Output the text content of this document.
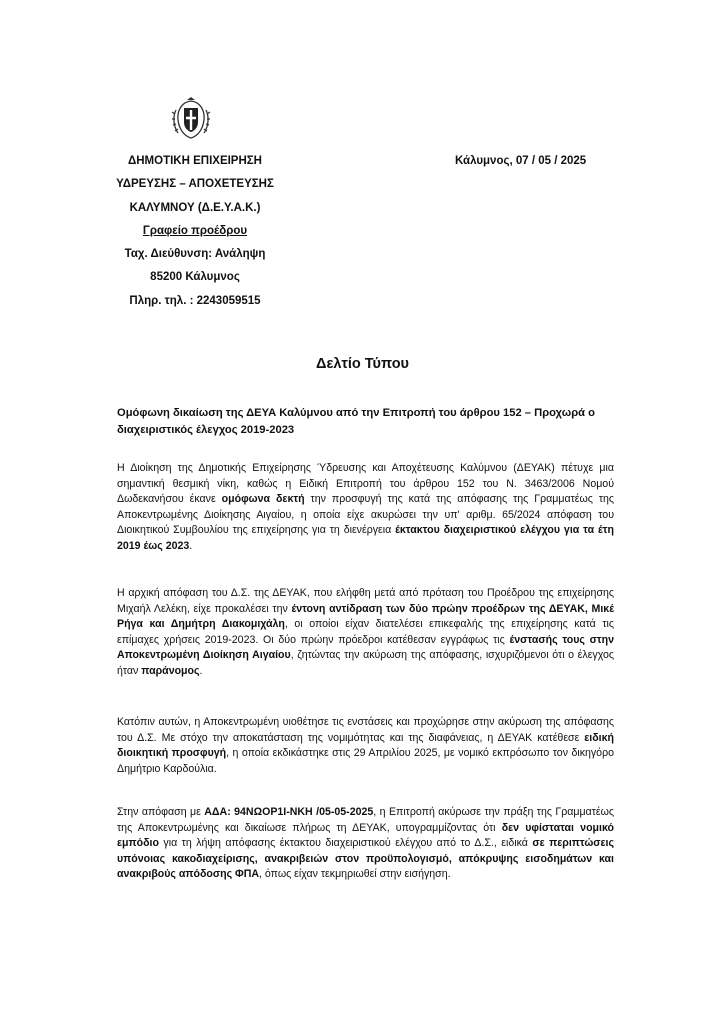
ΔΗΜΟΤΙΚΗ ΕΠΙΧΕΙΡΗΣΗ
ΥΔΡΕΥΣΗΣ – ΑΠΟΧΕΤΕΥΣΗΣ
ΚΑΛΥΜΝΟΥ (Δ.Ε.Υ.Α.Κ.)
Γραφείο προέδρου
Ταχ. Διεύθυνση: Ανάληψη
85200 Κάλυμνος
Πληρ. τηλ. : 2243059515
Κάλυμνος, 07 / 05 / 2025
Δελτίο Τύπου
Ομόφωνη δικαίωση της ΔΕΥΑ Καλύμνου από την Επιτροπή του άρθρου 152 – Προχωρά ο διαχειριστικός έλεγχος 2019-2023
Η Διοίκηση της Δημοτικής Επιχείρησης Ύδρευσης και Αποχέτευσης Καλύμνου (ΔΕΥΑΚ) πέτυχε μια σημαντική θεσμική νίκη, καθώς η Ειδική Επιτροπή του άρθρου 152 του Ν. 3463/2006 Νομού Δωδεκανήσου έκανε ομόφωνα δεκτή την προσφυγή της κατά της απόφασης της Γραμματέως της Αποκεντρωμένης Διοίκησης Αιγαίου, η οποία είχε ακυρώσει την υπ' αριθμ. 65/2024 απόφαση του Διοικητικού Συμβουλίου της επιχείρησης για τη διενέργεια έκτακτου διαχειριστικού ελέγχου για τα έτη 2019 έως 2023.
Η αρχική απόφαση του Δ.Σ. της ΔΕΥΑΚ, που ελήφθη μετά από πρόταση του Προέδρου της επιχείρησης Μιχαήλ Λελέκη, είχε προκαλέσει την έντονη αντίδραση των δύο πρώην προέδρων της ΔΕΥΑΚ, Μικέ Ρήγα και Δημήτρη Διακομιχάλη, οι οποίοι είχαν διατελέσει επικεφαλής της επιχείρησης κατά τις επίμαχες χρήσεις 2019-2023. Οι δύο πρώην πρόεδροι κατέθεσαν εγγράφως τις ένστασής τους στην Αποκεντρωμένη Διοίκηση Αιγαίου, ζητώντας την ακύρωση της απόφασης, ισχυριζόμενοι ότι ο έλεγχος ήταν παράνομος.
Κατόπιν αυτών, η Αποκεντρωμένη υιοθέτησε τις ενστάσεις και προχώρησε στην ακύρωση της απόφασης του Δ.Σ. Με στόχο την αποκατάσταση της νομιμότητας και της διαφάνειας, η ΔΕΥΑΚ κατέθεσε ειδική διοικητική προσφυγή, η οποία εκδικάστηκε στις 29 Απριλίου 2025, με νομικό εκπρόσωπο τον δικηγόρο Δημήτριο Καρδούλια.
Στην απόφαση με ΑΔΑ: 94ΝΩΟΡ1Ι-ΝΚΗ /05-05-2025, η Επιτροπή ακύρωσε την πράξη της Γραμματέως της Αποκεντρωμένης και δικαίωσε πλήρως τη ΔΕΥΑΚ, υπογραμμίζοντας ότι δεν υφίσταται νομικό εμπόδιο για τη λήψη απόφασης έκτακτου διαχειριστικού ελέγχου από το Δ.Σ., ειδικά σε περιπτώσεις υπόνοιας κακοδιαχείρισης, ανακριβειών στον προϋπολογισμό, απόκρυψης εισοδημάτων και ανακριβούς απόδοσης ΦΠΑ, όπως είχαν τεκμηριωθεί στην εισήγηση.
